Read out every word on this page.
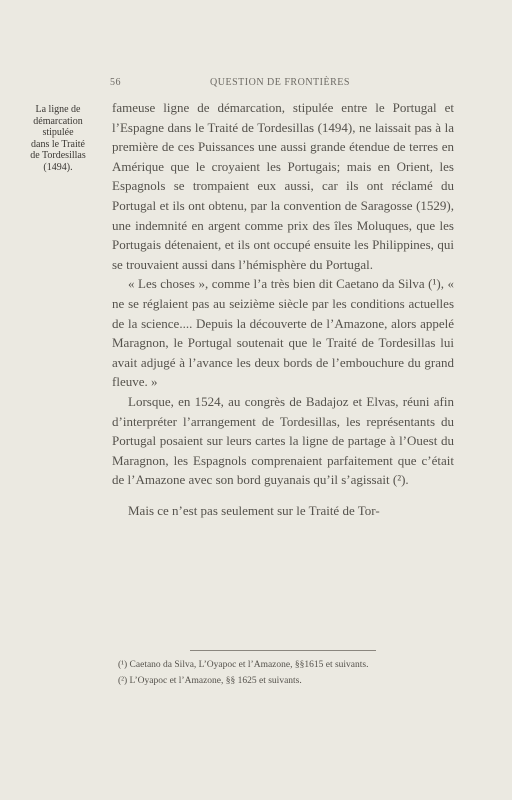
56	QUESTION DE FRONTIÈRES
La ligne de
démarcation
stipulée
dans le Traité
de Tordesillas
(1494).

fameuse ligne de démarcation, stipulée entre le Portugal et l’Espagne dans le Traité de Tordesillas (1494), ne laissait pas à la première de ces Puissances une aussi grande étendue de terres en Amérique que le croyaient les Portugais; mais en Orient, les Espagnols se trompaient eux aussi, car ils ont réclamé du Portugal et ils ont obtenu, par la convention de Saragosse (1529), une indemnité en argent comme prix des îles Moluques, que les Portugais détenaient, et ils ont occupé ensuite les Philippines, qui se trouvaient aussi dans l’hémisphère du Portugal.

« Les choses », comme l’a très bien dit Caetano da Silva (¹), « ne se réglaient pas au seizième siècle par les conditions actuelles de la science.... Depuis la découverte de l’Amazone, alors appelé Maragnon, le Portugal soutenait que le Traité de Tordesillas lui avait adjugé à l’avance les deux bords de l’embouchure du grand fleuve. »

Lorsque, en 1524, au congrès de Badajoz et Elvas, réuni afin d’interpréter l’arrangement de Tordesillas, les représentants du Portugal posaient sur leurs cartes la ligne de partage à l’Ouest du Maragnon, les Espagnols comprenaient parfaitement que c’était de l’Amazone avec son bord guyanais qu’il s’agissait (²).

Mais ce n’est pas seulement sur le Traité de Tor-

(¹) Caetano da Silva, L’Oyapoc et l’Amazone, §§1615 et suivants.

(²) L’Oyapoc et l’Amazone, §§ 1625 et suivants.
